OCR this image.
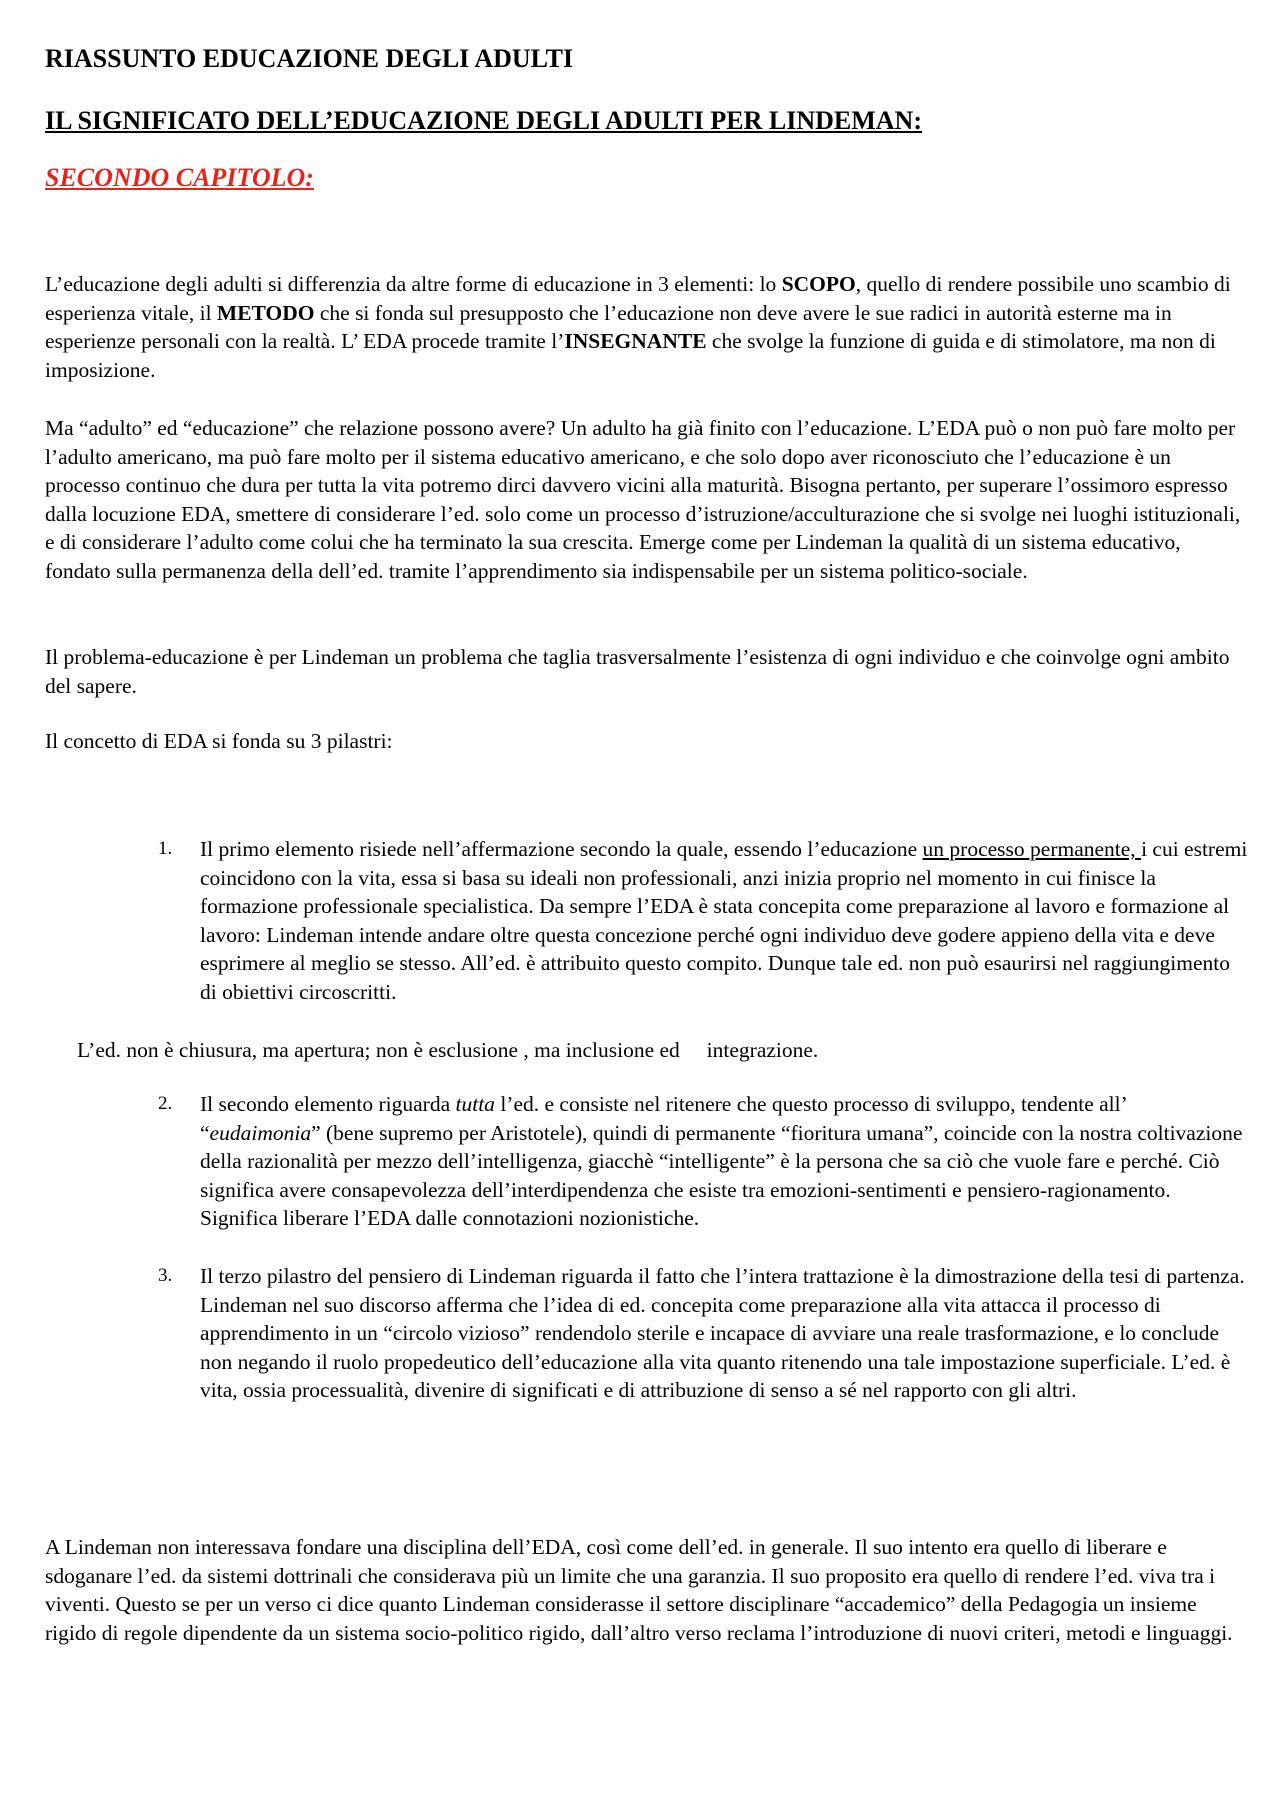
RIASSUNTO EDUCAZIONE DEGLI ADULTI
IL SIGNIFICATO DELL’EDUCAZIONE DEGLI ADULTI PER LINDEMAN:
SECONDO CAPITOLO:

L’educazione degli adulti si differenzia da altre forme di educazione in 3 elementi: lo SCOPO, quello di rendere possibile uno scambio di esperienza vitale, il METODO che si fonda sul presupposto che l’educazione non deve avere le sue radici in autorità esterne ma in esperienze personali con la realtà. L’ EDA procede tramite l’INSEGNANTE che svolge la funzione di guida e di stimolatore, ma non di imposizione.

Ma “adulto” ed “educazione” che relazione possono avere? Un adulto ha già finito con l’educazione. L’EDA può o non può fare molto per l’adulto americano, ma può fare molto per il sistema educativo americano, e che solo dopo aver riconosciuto che l’educazione è un processo continuo che dura per tutta la vita potremo dirci davvero vicini alla maturità. Bisogna pertanto, per superare l’ossimoro espresso dalla locuzione EDA, smettere di considerare l’ed. solo come un processo d’istruzione/acculturazione che si svolge nei luoghi istituzionali, e di considerare l’adulto come colui che ha terminato la sua crescita. Emerge come per Lindeman la qualità di un sistema educativo, fondato sulla permanenza della dell’ed. tramite l’apprendimento sia indispensabile per un sistema politico-sociale.

Il problema-educazione è per Lindeman un problema che taglia trasversalmente l’esistenza di ogni individuo e che coinvolge ogni ambito del sapere.

Il concetto di EDA si fonda su 3 pilastri:

1. Il primo elemento risiede nell’affermazione secondo la quale, essendo l’educazione un processo permanente, i cui estremi coincidono con la vita, essa si basa su ideali non professionali, anzi inizia proprio nel momento in cui finisce la formazione professionale specialistica. Da sempre l’EDA è stata concepita come preparazione al lavoro e formazione al lavoro: Lindeman intende andare oltre questa concezione perché ogni individuo deve godere appieno della vita e deve esprimere al meglio se stesso. All’ed. è attribuito questo compito. Dunque tale ed. non può esaurirsi nel raggiungimento di obiettivi circoscritti.

L’ed. non è chiusura, ma apertura; non è esclusione , ma inclusione ed     integrazione.

2. Il secondo elemento riguarda tutta l’ed. e consiste nel ritenere che questo processo di sviluppo, tendente all’ “eudaimonia” (bene supremo per Aristotele), quindi di permanente “fioritura umana”, coincide con la nostra coltivazione della razionalità per mezzo dell’intelligenza, giacchè “intelligente” è la persona che sa ciò che vuole fare e perché. Ciò significa avere consapevolezza dell’interdipendenza che esiste tra emozioni-sentimenti e pensiero-ragionamento. Significa liberare l’EDA dalle connotazioni nozionistiche.
3. Il terzo pilastro del pensiero di Lindeman riguarda il fatto che l’intera trattazione è la dimostrazione della tesi di partenza. Lindeman nel suo discorso afferma che l’idea di ed. concepita come preparazione alla vita attacca il processo di apprendimento in un “circolo vizioso” rendendolo sterile e incapace di avviare una reale trasformazione, e lo conclude non negando il ruolo propedeutico dell’educazione alla vita quanto ritenendo una tale impostazione superficiale. L’ed. è vita, ossia processualità, divenire di significati e di attribuzione di senso a sé nel rapporto con gli altri.

A Lindeman non interessava fondare una disciplina dell’EDA, così come dell’ed. in generale. Il suo intento era quello di liberare e sdoganare l’ed. da sistemi dottrinali che considerava più un limite che una garanzia. Il suo proposito era quello di rendere l’ed. viva tra i viventi. Questo se per un verso ci dice quanto Lindeman considerasse il settore disciplinare “accademico” della Pedagogia un insieme rigido di regole dipendente da un sistema socio-politico rigido, dall’altro verso reclama l’introduzione di nuovi criteri, metodi e linguaggi.
